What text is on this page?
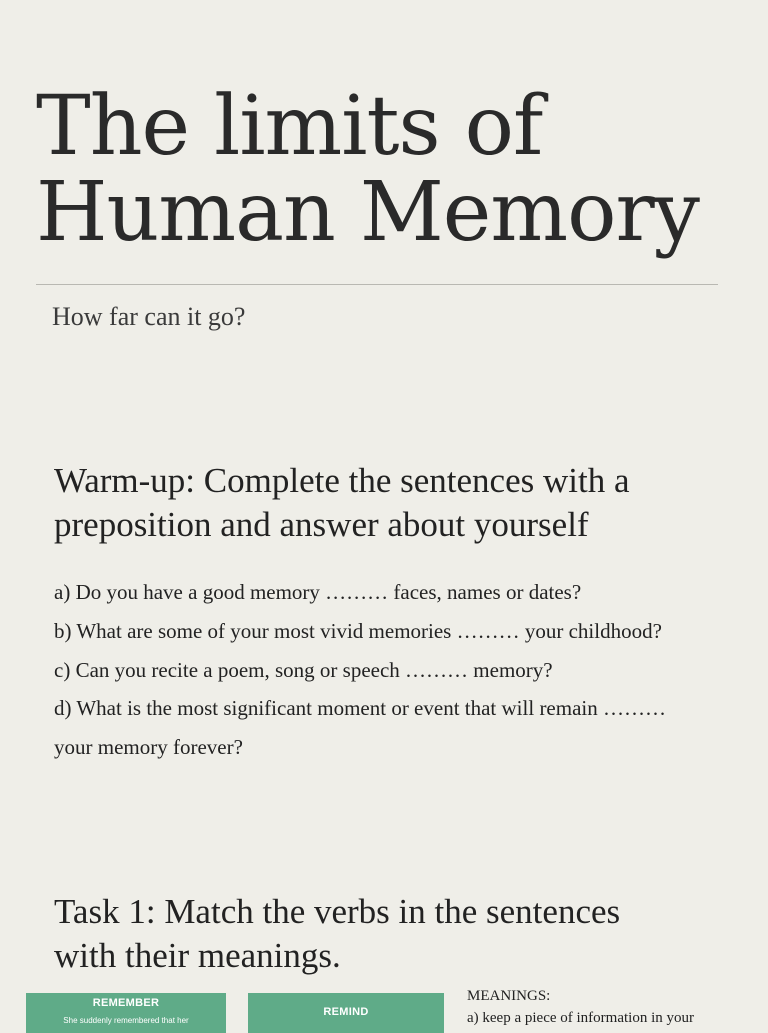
The limits of
Human Memory

How far can it go?

Warm-up: Complete the sentences with a
preposition and answer about yourself

a) Do you have a good memory ……… faces, names or dates?

b) What are some of your most vivid memories ……… your childhood?

c) Can you recite a poem, song or speech ……… memory?

d) What is the most significant moment or event that will remain ……… your memory forever?

Task 1: Match the verbs in the sentences
with their meanings.
REMEMBER
She suddenly remembered that her
REMIND

MEANINGS:

a) keep a piece of information in your
